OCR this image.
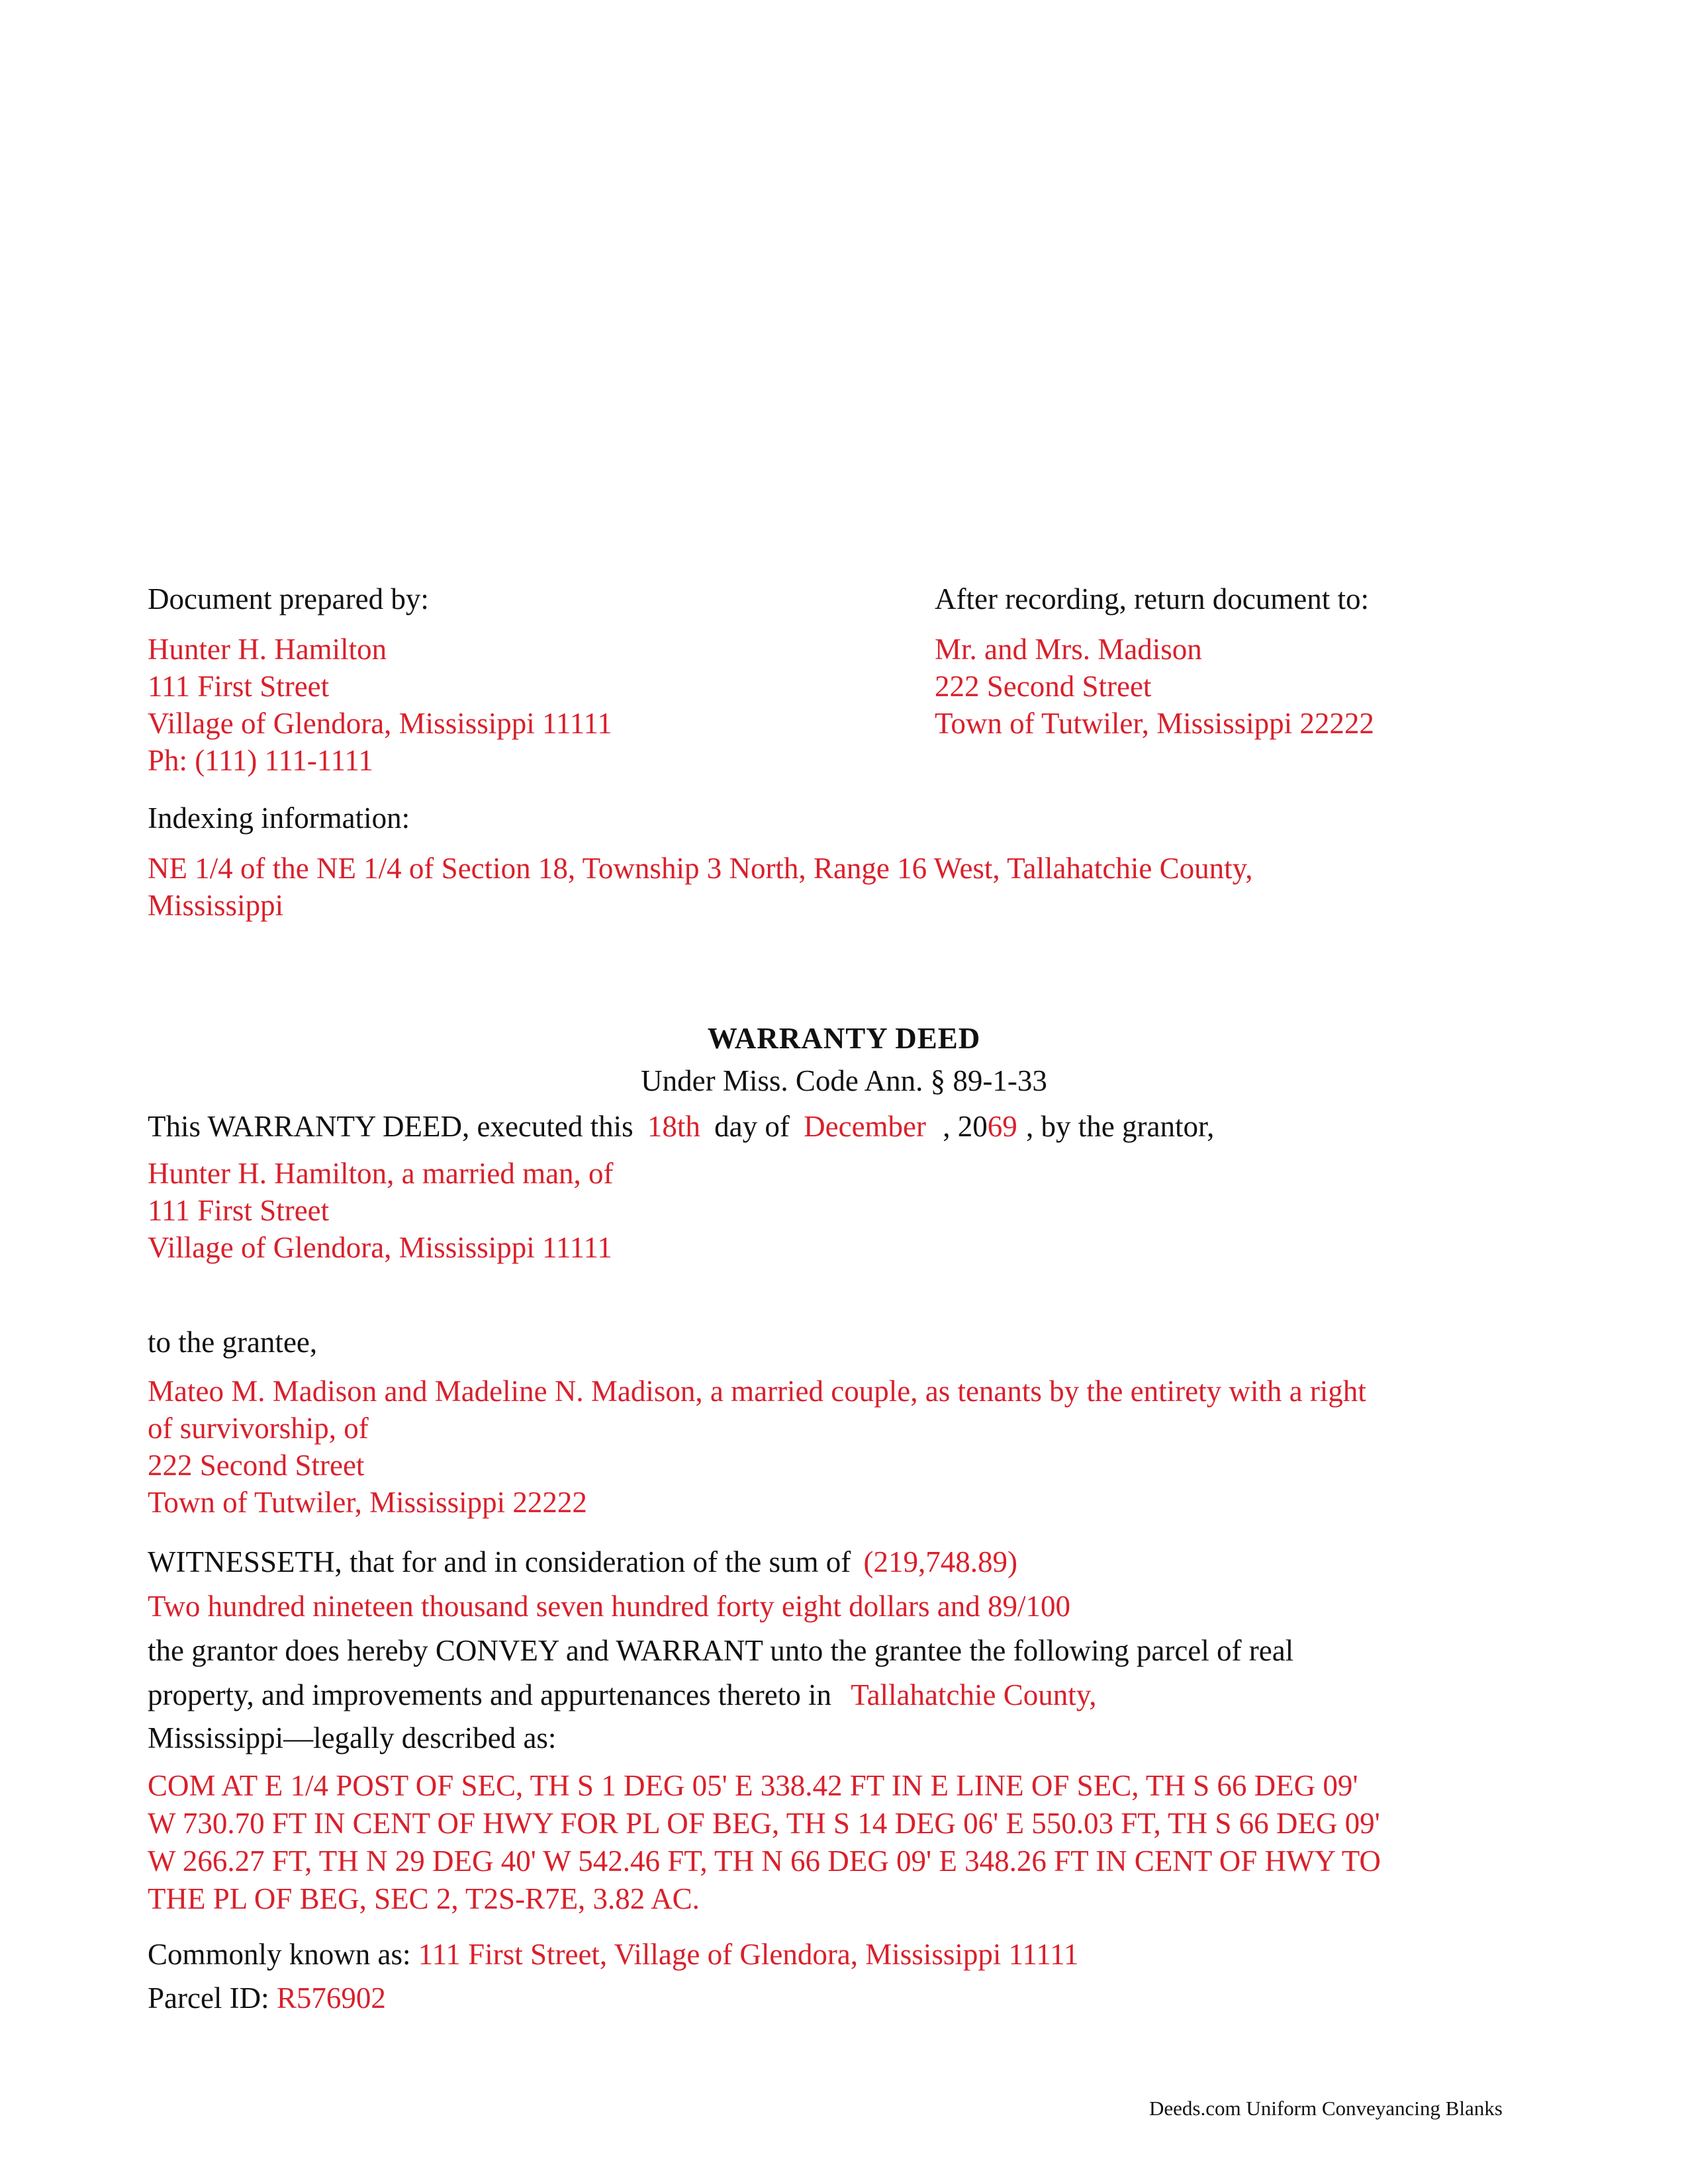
Document prepared by:
Hunter H. Hamilton
111 First Street
Village of Glendora, Mississippi 11111
Ph: (111) 111-1111
After recording, return document to:
Mr. and Mrs. Madison
222 Second Street
Town of Tutwiler, Mississippi 22222
Indexing information:
NE 1/4 of the NE 1/4 of Section 18, Township 3 North, Range 16 West, Tallahatchie County,
Mississippi
WARRANTY DEED
Under Miss. Code Ann. § 89-1-33
This WARRANTY DEED, executed this 18th day of December , 2069 , by the grantor,
Hunter H. Hamilton, a married man, of
111 First Street
Village of Glendora, Mississippi 11111
to the grantee,
Mateo M. Madison and Madeline N. Madison, a married couple, as tenants by the entirety with a right
of survivorship, of
222 Second Street
Town of Tutwiler, Mississippi 22222
WITNESSETH, that for and in consideration of the sum of (219,748.89)
Two hundred nineteen thousand seven hundred forty eight dollars and 89/100
the grantor does hereby CONVEY and WARRANT unto the grantee the following parcel of real
property, and improvements and appurtenances thereto in Tallahatchie County,
Mississippi—legally described as:
COM AT E 1/4 POST OF SEC, TH S 1 DEG 05' E 338.42 FT IN E LINE OF SEC, TH S 66 DEG 09'
W 730.70 FT IN CENT OF HWY FOR PL OF BEG, TH S 14 DEG 06' E 550.03 FT, TH S 66 DEG 09'
W 266.27 FT, TH N 29 DEG 40' W 542.46 FT, TH N 66 DEG 09' E 348.26 FT IN CENT OF HWY TO
THE PL OF BEG, SEC 2, T2S-R7E, 3.82 AC.
Commonly known as: 111 First Street, Village of Glendora, Mississippi 11111
Parcel ID: R576902
Deeds.com Uniform Conveyancing Blanks
